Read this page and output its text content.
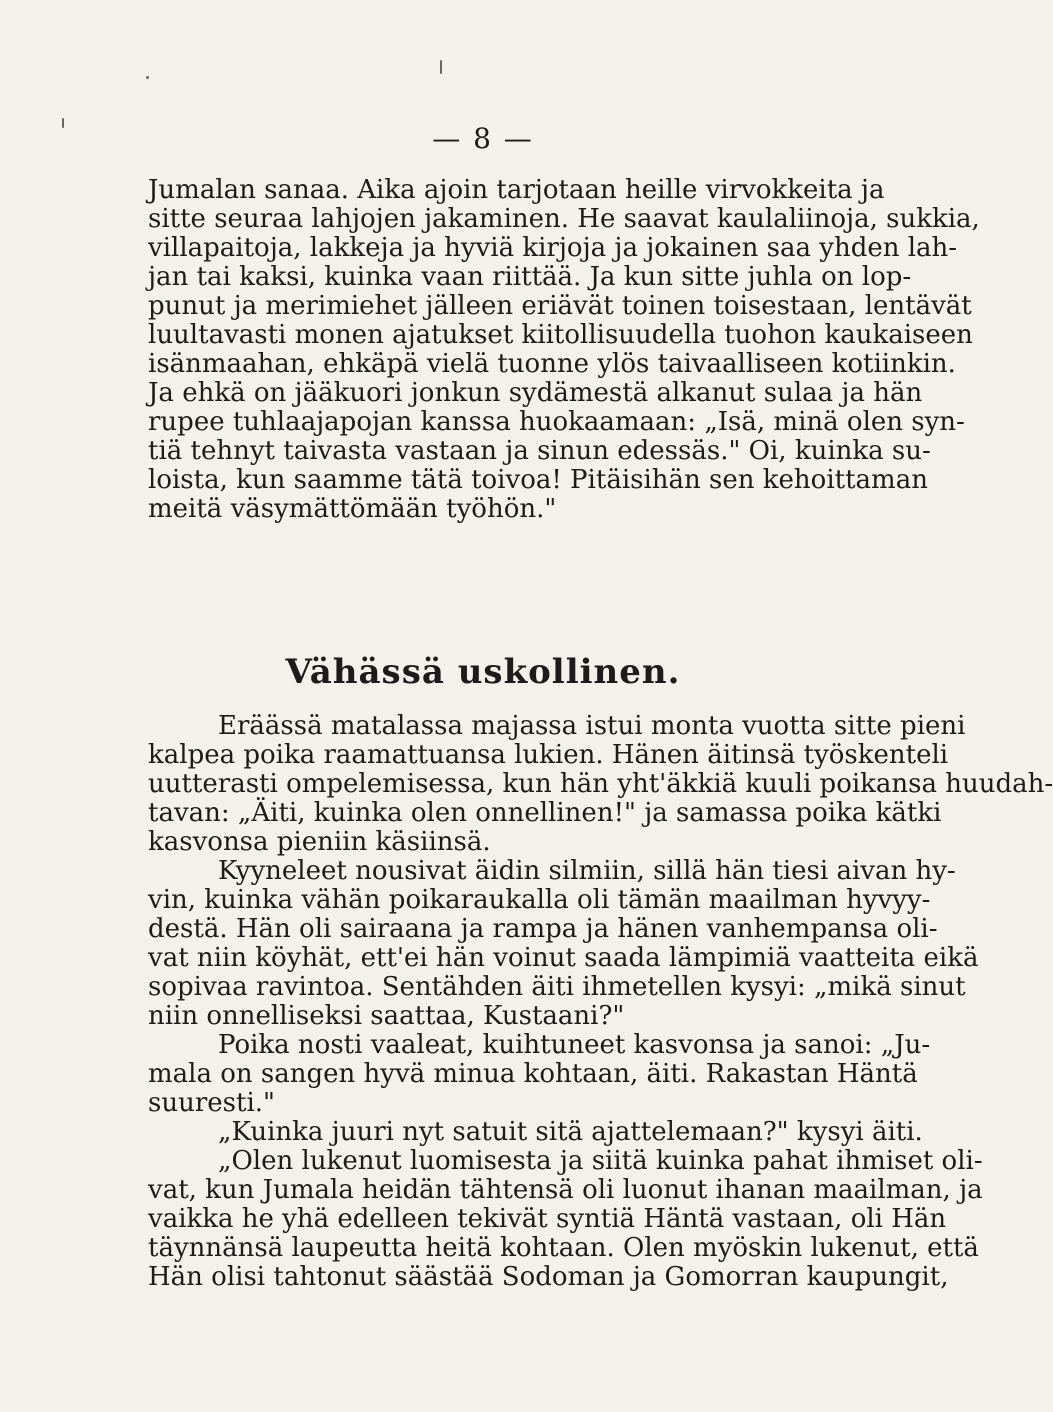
— 8 —
Jumalan sanaa. Aika ajoin tarjotaan heille virvokkeita ja
sitte seuraa lahjojen jakaminen. He saavat kaulaliinoja, sukkia,
villapaitoja, lakkeja ja hyviä kirjoja ja jokainen saa yhden lah-
jan tai kaksi, kuinka vaan riittää. Ja kun sitte juhla on lop-
punut ja merimiehet jälleen eriävät toinen toisestaan, lentävät
luultavasti monen ajatukset kiitollisuudella tuohon kaukaiseen
isänmaahan, ehkäpä vielä tuonne ylös taivaalliseen kotiinkin.
Ja ehkä on jääkuori jonkun sydämestä alkanut sulaa ja hän
rupee tuhlaajapojan kanssa huokaamaan: „Isä, minä olen syn-
tiä tehnyt taivasta vastaan ja sinun edessäs." Oi, kuinka su-
loista, kun saamme tätä toivoa! Pitäisihän sen kehoittaman
meitä väsymättömään työhön."
Vähässä uskollinen.
Eräässä matalassa majassa istui monta vuotta sitte pieni
kalpea poika raamattuansa lukien. Hänen äitinsä työskenteli
uutterasti ompelemisessa, kun hän yht'äkkiä kuuli poikansa huudah-
tavan: „Äiti, kuinka olen onnellinen!" ja samassa poika kätki
kasvonsa pieniin käsiinsä.
Kyyneleet nousivat äidin silmiin, sillä hän tiesi aivan hy-
vin, kuinka vähän poikaraukalla oli tämän maailman hyvyy-
destä. Hän oli sairaana ja rampa ja hänen vanhempansa oli-
vat niin köyhät, ett'ei hän voinut saada lämpimiä vaatteita eikä
sopivaa ravintoa. Sentähden äiti ihmetellen kysyi: „mikä sinut
niin onnelliseksi saattaa, Kustaani?"
Poika nosti vaaleat, kuihtuneet kasvonsa ja sanoi: „Ju-
mala on sangen hyvä minua kohtaan, äiti. Rakastan Häntä
suuresti."
„Kuinka juuri nyt satuit sitä ajattelemaan?" kysyi äiti.
„Olen lukenut luomisesta ja siitä kuinka pahat ihmiset oli-
vat, kun Jumala heidän tähtensä oli luonut ihanan maailman, ja
vaikka he yhä edelleen tekivät syntiä Häntä vastaan, oli Hän
täynnänsä laupeutta heitä kohtaan. Olen myöskin lukenut, että
Hän olisi tahtonut säästää Sodoman ja Gomorran kaupungit,
